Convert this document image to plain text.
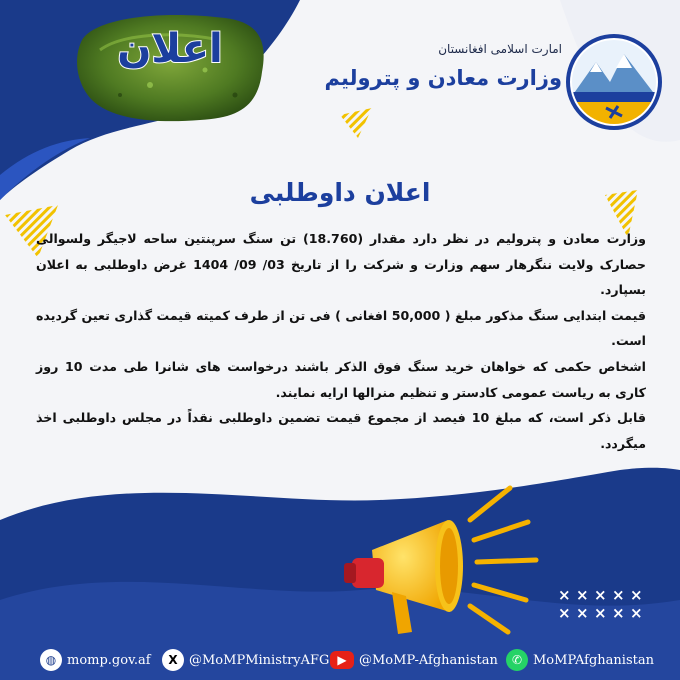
× × × × ×
× × × × ×
اعلان	امارت اسلامی افغانستان
وزارت معادن و پترولیم
اعلان داوطلبی

وزارت معادن و پترولیم در نظر دارد مقدار (18.760) تن سنگ سرپنتین ساحه لاجیگر ولسوالی حصارک ولایت ننگرهار سهم وزارت و شرکت را از تاریخ 03/ 09/ 1404 غرض داوطلبی به اعلان بسپارد.

قیمت ابتدایی سنگ مذکور مبلغ ( 50,000 افغانی ) فی تن از طرف کمیته قیمت گذاری تعین گردیده است.

اشخاص حکمی که خواهان خرید سنگ فوق الذکر باشند درخواست های شانرا طی مدت 10 روز کاری به ریاست عمومی کادستر و تنظیم منرالها ارایه نمایند.

قابل ذکر است، که مبلغ 10 فیصد از مجموع قیمت تضمین داوطلبی نقداً در مجلس داوطلبی اخذ میگردد.

◍ momp.gov.af	X @MoMPMinistryAFG ▶ @MoMP-Afghanistan	✆ MoMPAfghanistan
